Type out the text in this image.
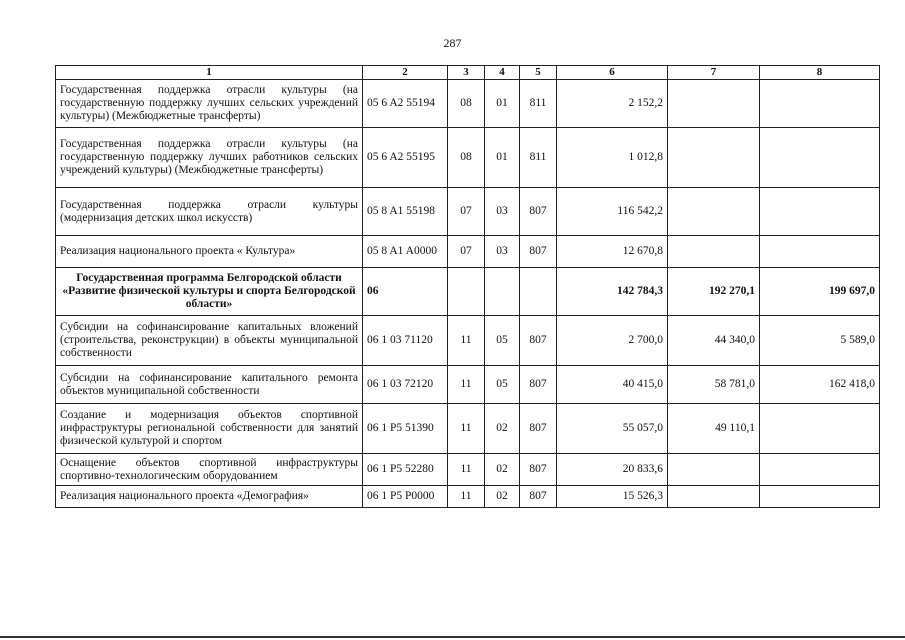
287
1	2	3	4	5	6	7	8
Государственная поддержка отрасли культуры (на государственную поддержку лучших сельских учреждений культуры) (Межбюджетные трансферты)	05 6 A2 55194	08	01	811	2 152,2		
Государственная поддержка отрасли культуры (на государственную поддержку лучших работников сельских учреждений культуры) (Межбюджетные трансферты)	05 6 A2 55195	08	01	811	1 012,8		
Государственная поддержка отрасли культуры (модернизация детских школ искусств)	05 8 A1 55198	07	03	807	116 542,2		
Реализация национального проекта « Культура»	05 8 A1 A0000	07	03	807	12 670,8		
Государственная программа Белгородской области «Развитие физической культуры и спорта Белгородской области»	06				142 784,3	192 270,1	199 697,0
Субсидии на софинансирование капитальных вложений (строительства, реконструкции) в объекты муниципальной собственности	06 1 03 71120	11	05	807	2 700,0	44 340,0	5 589,0
Субсидии на софинансирование капитального ремонта объектов муниципальной собственности	06 1 03 72120	11	05	807	40 415,0	58 781,0	162 418,0
Создание и модернизация объектов спортивной инфраструктуры региональной собственности для занятий физической культурой и спортом	06 1 P5 51390	11	02	807	55 057,0	49 110,1	
Оснащение объектов спортивной инфраструктуры спортивно-технологическим оборудованием	06 1 P5 52280	11	02	807	20 833,6		
Реализация национального проекта «Демография»	06 1 P5 P0000	11	02	807	15 526,3		
